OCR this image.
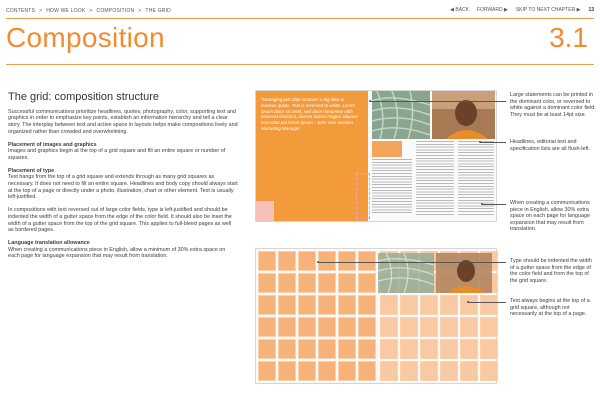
CONTENTS > HOW WE LOOK > COMPOSITION > THE GRID	◀ BACK FORWARD ▶ SKIP TO NEXT CHAPTER ▶ 13
Composition	3.1
The grid: composition structure

Successful communications prioritize headlines, quotes, photography, color, supporting text and graphics in order to emphasize key points, establish an information hierarchy and tell a clear story. The interplay between text and active space in layouts helps make compositions lively and organized rather than crowded and overwhelming.

Placement of images and graphics

Images and graphics begin at the top of a grid square and fill an entire square or number of squares.

Placement of type

Text hangs from the top of a grid square and extends through as many grid squares as necessary. It does not need to fill an entire square. Headlines and body copy should always start at the top of a page or directly under a photo, illustration, chart or other element. Text is usually left-justified.

In compositions with text reversed out of large color fields, type is left-justified and should be indented the width of a gutter space from the edge of the color field. It should also be inset the width of a gutter space from the top of the grid square. This applies to full-bleed pages as well as bordered pages.

Language translation allowance

When creating a communications piece in English, allow a minimum of 30% extra space on each page for language expansion that may result from translation.

“Managing just 29pt contains a big idea or nucleus quote. Text is reversed to white. Lorem ipsum dolor sit amet, sed diam nonummy nibh euismod tincidunt, laoreet dolore magna aliquam erat volut pat lorem ipsum.” John Doe Aviation Marketing Manager
Large statements can be printed in the dominant color, or reversed to white against a dominant color field. They must be at least 14pt size.
Headlines, editorial text and specification lists are all flush-left.
When creating a communications piece in English, allow 30% extra space on each page for language expansion that may result from translation.
Type should be indented the width of a gutter space from the edge of the color field and from the top of the grid square.
Text always begins at the top of a grid square, although not necessarily at the top of a page.
